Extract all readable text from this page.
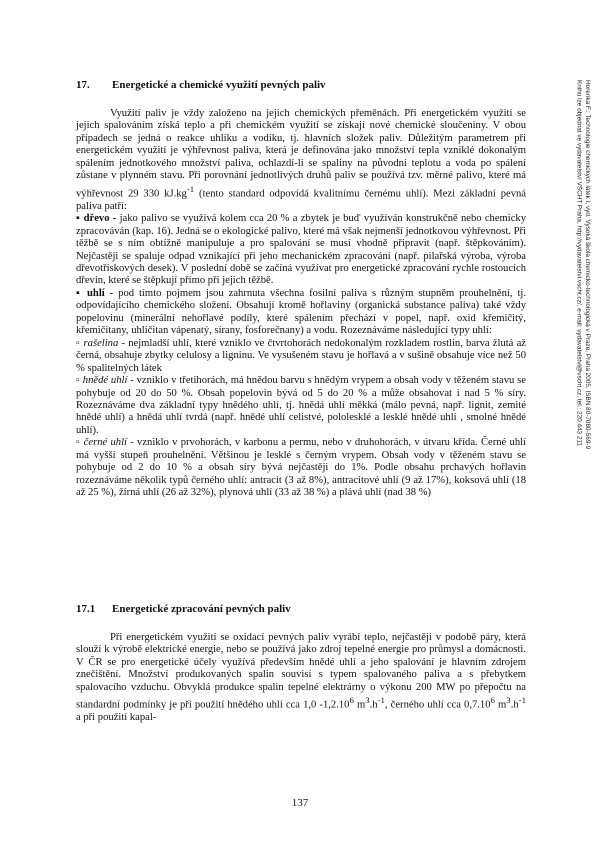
Horenka F.: Technologie chemických látek I, vyd. Vysoká škola chemicko-technologická v Praze, Praha 2005, ISBN 80-7080-569-9
Knihu lze objednat ve vydavatelství VŠCHT Praha, http://vydavatelstvi.vscht.cz/, e-mail: vydavatelstvi@vscht.cz, tel.: 220 443 211
17. Energetické a chemické využití pevných paliv

Využití paliv je vždy založeno na jejich chemických přeměnách. Při energetickém využití se jejich spalováním získá teplo a při chemickém využití se získají nové chemické sloučeniny. V obou případech se jedná o reakce uhlíku a vodíku, tj. hlavních složek paliv. Důležitým parametrem při energetickém využití je výhřevnost paliva, která je definována jako množství tepla vzniklé dokonalým spálením jednotkového množství paliva, ochlazdí-li se spaliny na původní teplotu a voda po spálení zůstane v plynném stavu. Při porovnání jednotlivých druhů paliv se používá tzv. měrné palivo, které má výhřevnost 29 330 $kJ.kg^{-1}$ (tento standard odpovídá kvalitnímu černému uhlí). Mezi základní pevná paliva patří:

▪ dřevo - jako palivo se využívá kolem cca 20 % a zbytek je buď využíván konstrukčně nebo chemicky zpracováván (kap. 16). Jedná se o ekologické palivo, které má však nejmenší jednotkovou výhřevnost. Při těžbě se s ním obtížně manipuluje a pro spalování se musí vhodně připravit (např. štěpkováním). Nejčastěji se spaluje odpad vznikající při jeho mechanickém zpracování (např. pilařská výroba, výroba dřevotřískových desek). V poslední době se začíná využívat pro energetické zpracování rychle rostoucích dřevin, které se štěpkují přímo při jejich těžbě.

▪ uhlí - pod tímto pojmem jsou zahrnuta všechna fosilní paliva s různým stupněm prouhelnění, tj. odpovídajícího chemického složení. Obsahují kromě hořlaviny (organická substance paliva) také vždy popelovinu (minerální nehořlavé podíly, které spálením přechází v popel, např. oxid křemičitý, křemičitany, uhličitan vápenatý, sírany, fosforečnany) a vodu. Rozeznáváme následující typy uhlí:

▫ rašelina - nejmladší uhlí, které vzniklo ve čtvrtohorách nedokonalým rozkladem rostlin, barva žlutá až černá, obsahuje zbytky celulosy a ligninu. Ve vysušeném stavu je hořlavá a v sušině obsahuje více než 50 % spalitelných látek

▫ hnědé uhlí - vzniklo v třetihorách, má hnědou barvu s hnědým vrypem a obsah vody v těženém stavu se pohybuje od 20 do 50 %. Obsah popelovin bývá od 5 do 20 % a může obsahovat i nad 5 % síry. Rozeznáváme dva základní typy hnědého uhlí, tj. hnědá uhlí měkká (málo pevná, např. lignit, zemité hnědé uhlí) a hnědá uhlí tvrdá (např. hnědé uhlí celistvé, pololesklé a lesklé hnědé uhlí , smolné hnědé uhlí).

▫ černé uhlí - vzniklo v prvohorách, v karbonu a permu, nebo v druhohorách, v útvaru křída. Černé uhlí má vyšší stupeň prouhelnění. Většinou je lesklé s černým vrypem. Obsah vody v těženém stavu se pohybuje od 2 do 10 % a obsah síry bývá nejčastěji do 1%. Podle obsahu prchavých hořlavin rozeznáváme několik typů černého uhlí: antracit (3 až 8%), antracitové uhlí (9 až 17%), koksová uhlí (18 až 25 %), žírná uhlí (26 až 32%), plynová uhlí (33 až 38 %) a plává uhlí (nad 38 %)

17.1 Energetické zpracování pevných paliv

Při energetickém využití se oxidací pevných paliv vyrábí teplo, nejčastěji v podobě páry, která slouží k výrobě elektrické energie, nebo se používá jako zdroj tepelné energie pro průmysl a domácnosti. V ČR se pro energetické účely využívá především hnědé uhlí a jeho spalování je hlavním zdrojem znečištění. Množství produkovaných spalin souvisí s typem spalovaného paliva a s přebytkem spalovacího vzduchu. Obvyklá produkce spalin tepelné elektrárny o výkonu 200 MW po přepočtu na standardní podmínky je při použití hnědého uhlí cca 1,0 -1,2.10$^6$ $m^3.h^{-1}$, černého uhlí cca 0,7.10$^6$ $m^3.h^{-1}$ a při použití kapal-

137
